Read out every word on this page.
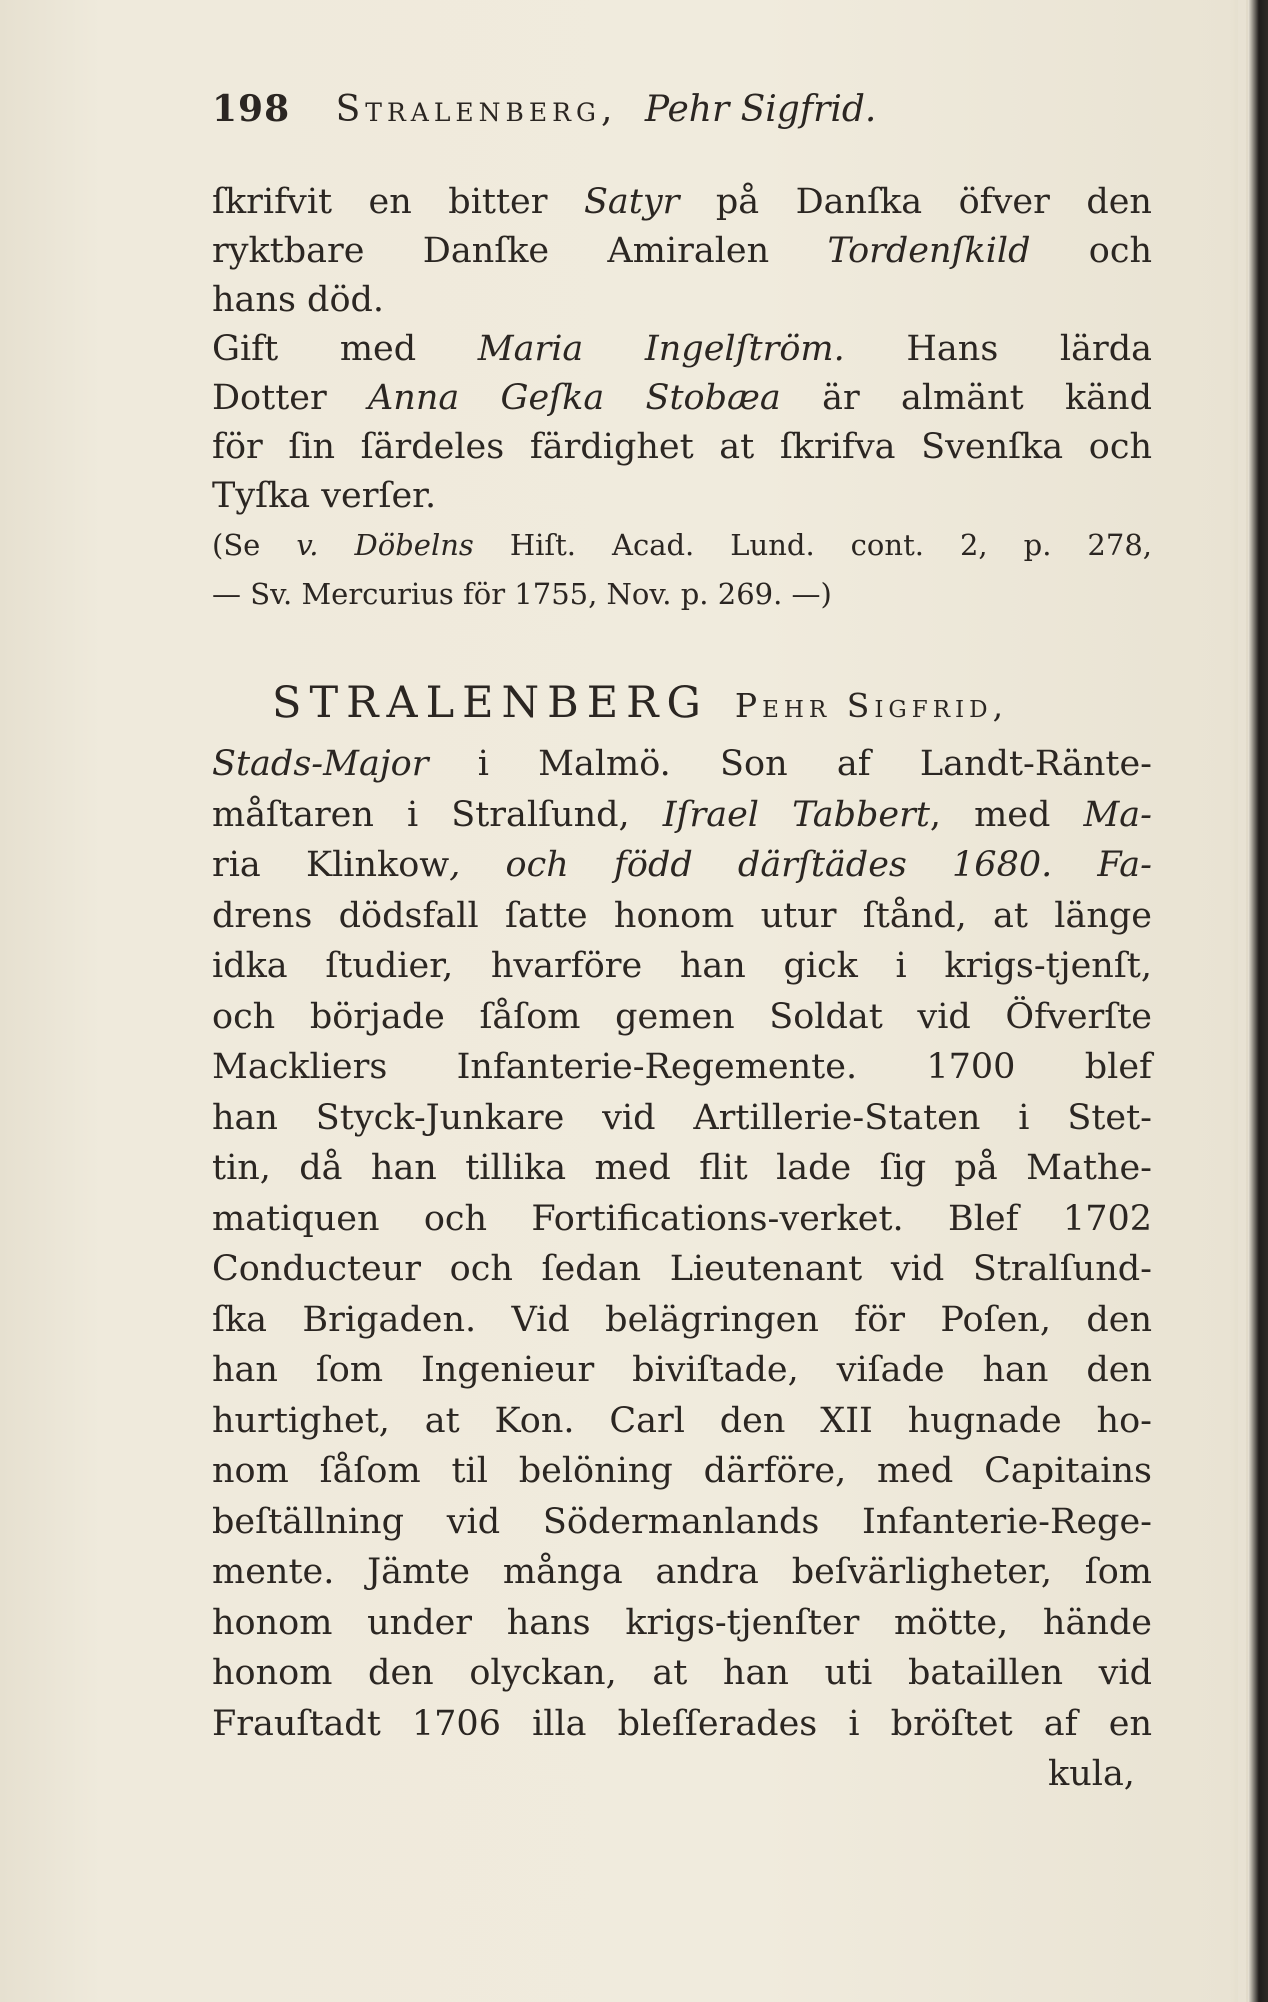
198 Stralenberg, Pehr Sigfrid.
ſkrifvit en bitter Satyr på Danſka öfver den
ryktbare Danſke Amiralen Tordenſkild och
hans död.
Gift med Maria Ingelſtröm. Hans lärda
Dotter Anna Geſka Stobæa är almänt känd
för ſin ſärdeles färdighet at ſkrifva Svenſka och
Tyſka verſer.
(Se v. Döbelns Hiſt. Acad. Lund. cont. 2, p. 278,
— Sv. Mercurius för 1755, Nov. p. 269. —)
STRALENBERG Pehr Sigfrid,
Stads-Major i Malmö. Son af Landt-Ränte-
måſtaren i Stralſund, Iſrael Tabbert, med Ma-
ria Klinkow, och född därſtädes 1680. Fa-
drens dödsfall ſatte honom utur ſtånd, at länge
idka ſtudier, hvarföre han gick i krigs-tjenſt,
och började ſåſom gemen Soldat vid Öfverſte
Mackliers Infanterie-Regemente. 1700 blef
han Styck-Junkare vid Artillerie-Staten i Stet-
tin, då han tillika med flit lade ſig på Mathe-
matiquen och Fortifications-verket. Blef 1702
Conducteur och ſedan Lieutenant vid Stralſund-
ſka Brigaden. Vid belägringen för Poſen, den
han ſom Ingenieur biviſtade, viſade han den
hurtighet, at Kon. Carl den XII hugnade ho-
nom ſåſom til belöning därföre, med Capitains
beſtällning vid Södermanlands Infanterie-Rege-
mente. Jämte många andra beſvärligheter, ſom
honom under hans krigs-tjenſter mötte, hände
honom den olyckan, at han uti bataillen vid
Frauſtadt 1706 illa bleſſerades i bröſtet af en
kula,
